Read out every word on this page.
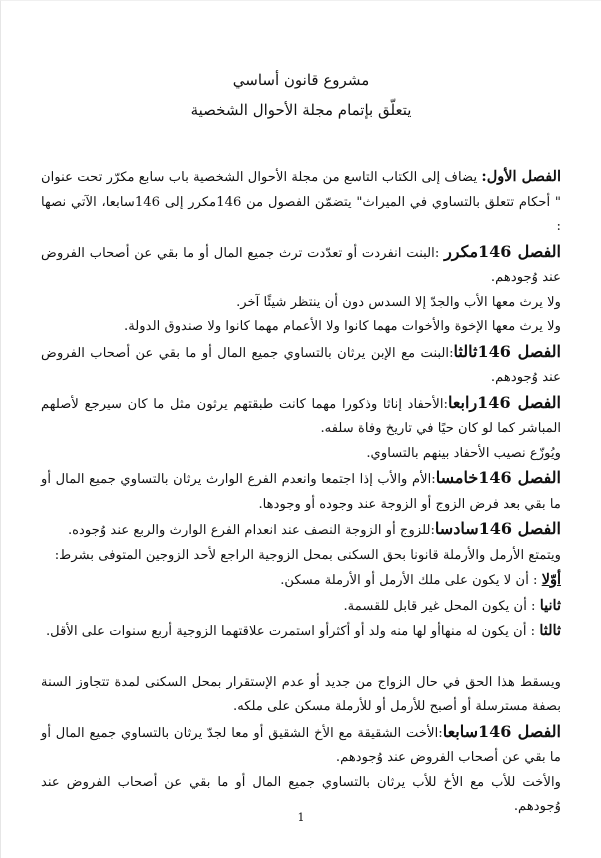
مشروع قانون أساسي
يتعلّق بإتمام مجلة الأحوال الشخصية

الفصل الأول: يضاف إلى الكتاب التاسع من مجلة الأحوال الشخصية باب سابع مكرّر تحت عنوان " أحكام تتعلق بالتساوي في الميراث" يتضمّن الفصول من 146مكرر إلى 146سابعا، الآتي نصها :

الفصل 146مكرر :البنت انفردت أو تعدّدت ترث جميع المال أو ما بقي عن أصحاب الفروض عند وُجودهم.

ولا يرث معها الأب والجدّ إلا السدس دون أن ينتظر شيئًا آخر.

ولا يرث معها الإخوة والأخوات مهما كانوا ولا الأعمام مهما كانوا ولا صندوق الدولة.

الفصل 146ثالثا:البنت مع الإبن يرثان بالتساوي جميع المال أو ما بقي عن أصحاب الفروض عند وُجودهم.

الفصل 146رابعا:الأحفاد إناثا وذكورا مهما كانت طبقتهم يرثون مثل ما كان سيرجع لأصلهم المباشر كما لو كان حيًا في تاريخ وفاة سلفه.

ويُوزّع نصيب الأحفاد بينهم بالتساوي.

الفصل 146خامسا:الأم والأب إذا اجتمعا وانعدم الفرع الوارث يرثان بالتساوي جميع المال أو ما بقي بعد فرض الزوج أو الزوجة عند وجوده أو وجودها.

الفصل 146سادسا:للزوج أو الزوجة النصف عند انعدام الفرع الوارث والربع عند وُجوده.

ويتمتع الأرمل والأرملة قانونا بحق السكنى بمحل الزوجية الراجع لأحد الزوجين المتوفى بشرط:

أوّلا : أن لا يكون على ملك الأرمل أو الأرملة مسكن.

ثانيا : أن يكون المحل غير قابل للقسمة.

ثالثا : أن يكون له منهاأو لها منه ولد أو أكثرأو استمرت علاقتهما الزوجية أربع سنوات على الأقل.

ويسقط هذا الحق في حال الزواج من جديد أو عدم الإستقرار بمحل السكنى لمدة تتجاوز السنة بصفة مسترسلة أو أصبح للأرمل أو للأرملة مسكن على ملكه.

الفصل 146سابعا:الأخت الشقيقة مع الأخ الشقيق أو معا لجدّ يرثان بالتساوي جميع المال أو ما بقي عن أصحاب الفروض عند وُجودهم.

والأخت للأب مع الأخ للأب يرثان بالتساوي جميع المال أو ما بقي عن أصحاب الفروض عند وُجودهم.

1
